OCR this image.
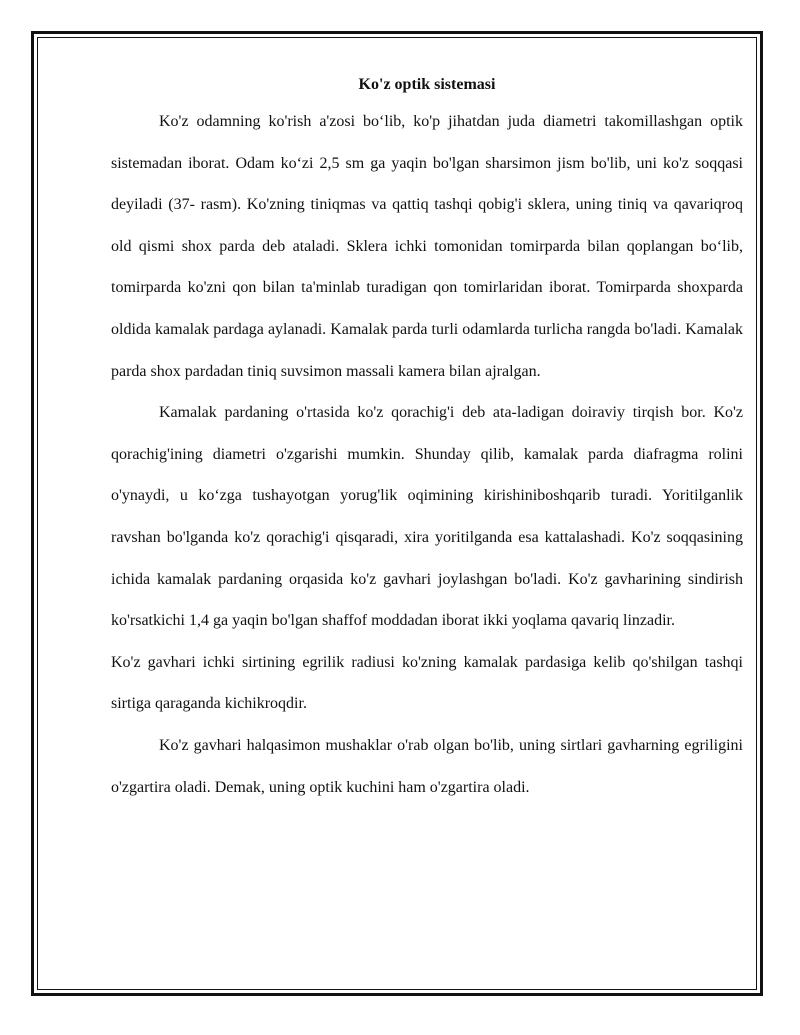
Ko'z optik sistemasi

Ko'z odamning ko'rish a'zosi bo‘lib, ko'p jihatdan juda diametri takomillashgan optik sistemadan iborat. Odam ko‘zi 2,5 sm ga yaqin bo'lgan sharsimon jism bo'lib, uni ko'z soqqasi deyiladi (37- rasm). Ko'zning tiniqmas va qattiq tashqi qobig'i sklera, uning tiniq va qavariqroq old qismi shox parda deb ataladi. Sklera ichki tomonidan tomirparda bilan qoplangan bo‘lib, tomirparda ko'zni qon bilan ta'minlab turadigan qon tomirlaridan iborat. Tomirparda shoxparda oldida kamalak pardaga aylanadi. Kamalak parda turli odamlarda turlicha rangda bo'ladi. Kamalak parda shox pardadan tiniq suvsimon massali kamera bilan ajralgan.

Kamalak pardaning o'rtasida ko'z qorachig'i deb ata-ladigan doiraviy tirqish bor. Ko'z qorachig'ining diametri o'zgarishi mumkin. Shunday qilib, kamalak parda diafragma rolini o'ynaydi, u ko‘zga tushayotgan yorug'lik oqimining kirishiniboshqarib turadi. Yoritilganlik ravshan bo'lganda ko'z qorachig'i qisqaradi, xira yoritilganda esa kattalashadi. Ko'z soqqasining ichida kamalak pardaning orqasida ko'z gavhari joylashgan bo'ladi. Ko'z gavharining sindirish ko'rsatkichi 1,4 ga yaqin bo'lgan shaffof moddadan iborat ikki yoqlama qavariq linzadir.

Ko'z gavhari ichki sirtining egrilik radiusi ko'zning kamalak pardasiga kelib qo'shilgan tashqi sirtiga qaraganda kichikroqdir.

Ko'z gavhari halqasimon mushaklar o'rab olgan bo'lib, uning sirtlari gavharning egriligini o'zgartira oladi. Demak, uning optik kuchini ham o'zgartira oladi.
